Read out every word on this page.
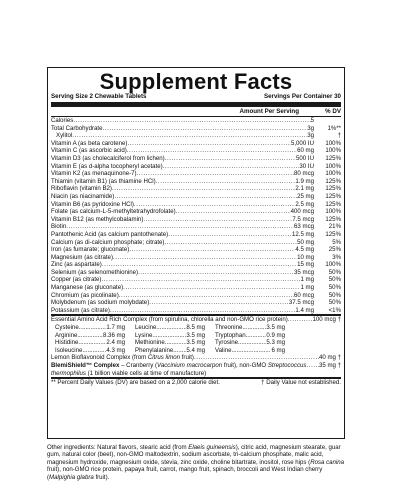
Supplement Facts
Serving Size 2 Chewable Tablets	Servings Per Container 30
Amount Per Serving	% DV
Calories .....	5
Total Carbohydrate .....	3g	1%**
Xylitol .....	3g	†
Vitamin A (as beta carotene) .....	5,000 IU	100%
Vitamin C (as ascorbic acid) .....	60 mg	100%
Vitamin D3 (as cholecalciferol from lichen) .....	500 IU	125%
Vitamin E (as d-alpha tocopheryl acetate) .....	30 IU	100%
Vitamin K2 (as menaquinone-7) .....	80 mcg	100%
Thiamin (vitamin B1) (as thiamine HCl) .....	1.9 mg	125%
Riboflavin (vitamin B2) .....	2.1 mg	125%
Niacin (as niacinamide) .....	25 mg	125%
Vitamin B6 (as pyridoxine HCl) .....	2.5 mg	125%
Folate (as calcium-L-5-methyltetrahydrofolate) .....	400 mcg	100%
Vitamin B12 (as methylcobalamin) .....	7.5 mcg	125%
Biotin .....	63 mcg	21%
Pantothenic Acid (as calcium pantothenate) .....	12.5 mg	125%
Calcium (as di-calcium phosphate; citrate) .....	50 mg	5%
Iron (as fumarate; gluconate) .....	4.5 mg	25%
Magnesium (as citrate) .....	10 mg	3%
Zinc (as aspartate) .....	15 mg	100%
Selenium (as selenomethionine) .....	35 mcg	50%
Copper (as citrate) .....	1 mg	50%
Manganese (as gluconate) .....	1 mg	50%
Chromium (as picolinate) .....	60 mcg	50%
Molybdenum (as sodium molybdate) .....	37.5 mcg	50%
Potassium (as citrate) .....	1.4 mg	<1%
Essential Amino Acid Rich Complex (from spirulina, chlorella and non-GMO rice protein) .....	100 mcg †
Cysteine .....	1.7 mg Leucine .....	8.5 mg Threonine .....	3.5 mg
Arginine .....	8.36 mg Lysine .....	3.5 mg Tryptophan .....	0.9 mg
Histidine .....	2.4 mg Methionine .....	3.5 mg Tyrosine .....	5.3 mg
Isoleucine .....	4.3 mg Phenylalanine ..... 5.4 mg Valine .....	6 mg
Lemon Bioflavonoid Complex (from Citrus limon fruit) .....	40 mg †
BlemiShield™ Complex – Cranberry (Vaccinium macrocarpon fruit), non-GMO Streptococcus ..... 35 mg †
thermophilus (1 billion viable cells at time of manufacture)
** Percent Daily Values (DV) are based on a 2,000 calorie diet.	† Daily Value not established.
Other ingredients: Natural flavors, stearic acid (from Elaeis guineensis), citric acid, magnesium stearate, guar gum, natural color (beet), non-GMO maltodextrin, sodium ascorbate, tri-calcium phosphate, malic acid, magnesium hydroxide, magnesium oxide, stevia, zinc oxide, choline bitartrate, inositol, rose hips (Rosa canina fruit), non-GMO rice protein, papaya fruit, carrot, mango fruit, spinach, broccoli and West Indian cherry (Malpighia glabra fruit).
